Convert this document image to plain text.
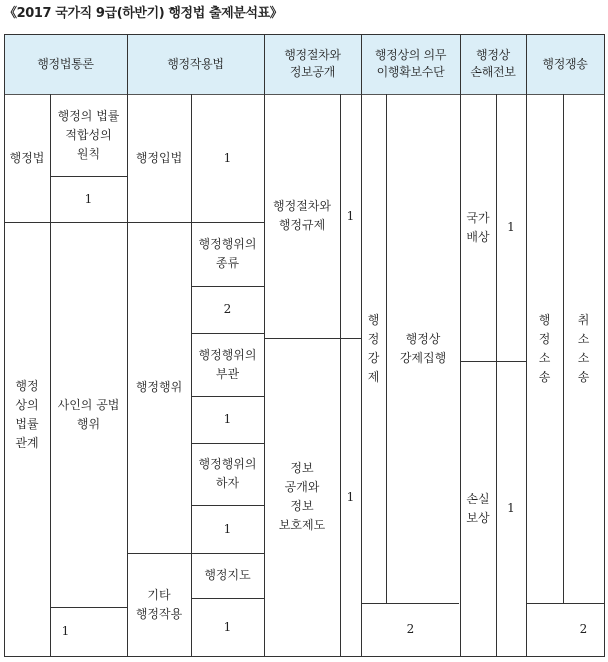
《2017 국가직 9급(하반기) 행정법 출제분석표》
행정법통론	행정작용법
행정절차와
정보공개
행정상의 의무
이행확보수단
행정상
손해전보
행정쟁송
행정법
행정의 법률
적합성의
원칙
1
행정
상의
법률
관계
사인의 공법
행위
1
행정입법	1
행정행위
행정행위의
종류
2
행정행위의
부관
1
행정행위의
하자
1
기타
행정작용
행정지도
1
행정절차와
행정규제
1
정보
공개와
정보
보호제도
1
행
정
강
제
행정상
강제집행
2
국가
배상
1
손실
보상
1
행
정
소
송
취
소
소
송
2
